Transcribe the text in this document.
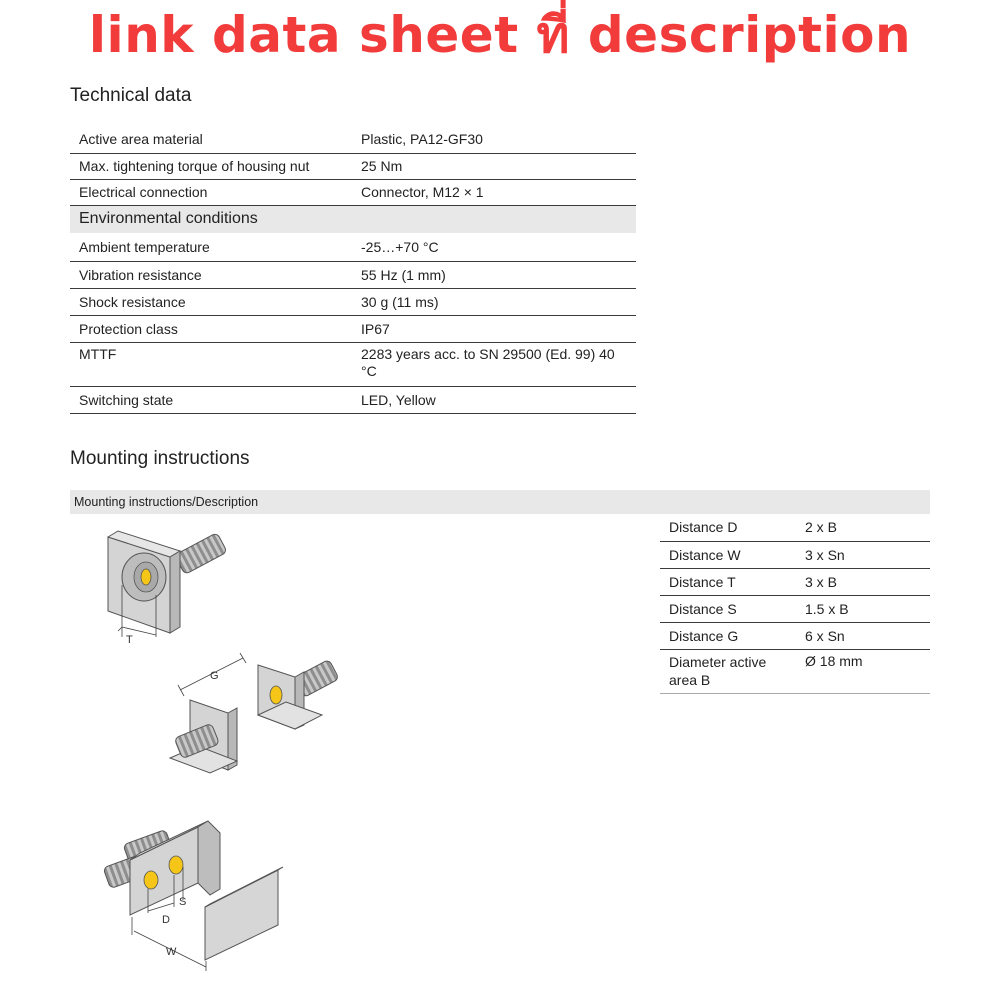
link data sheet ที่ description
Technical data
Active area material	Plastic, PA12-GF30
Max. tightening torque of housing nut	25 Nm
Electrical connection	Connector, M12 × 1
Environmental conditions	
Ambient temperature	-25…+70 °C
Vibration resistance	55 Hz (1 mm)
Shock resistance	30 g (11 ms)
Protection class	IP67
MTTF	2283 years acc. to SN 29500 (Ed. 99) 40 °C
Switching state	LED, Yellow
Mounting instructions
Mounting instructions/Description
Distance D	2 x B
Distance W	3 x Sn
Distance T	3 x B
Distance S	1.5 x B
Distance G	6 x Sn
Diameter active area B	Ø 18 mm
T
G
D
S
W
